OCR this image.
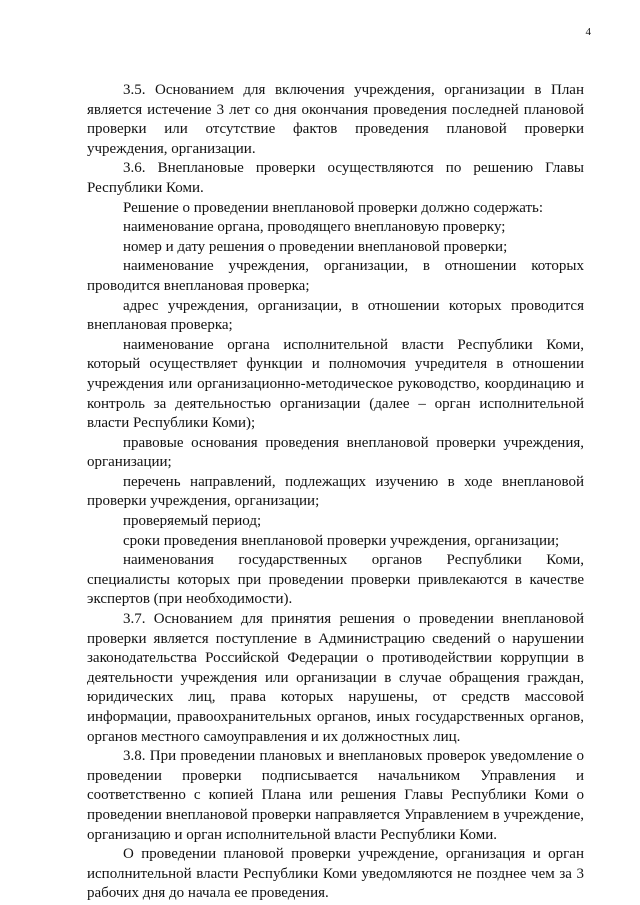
4

3.5. Основанием для включения учреждения, организации в План является истечение 3 лет со дня окончания проведения последней плановой проверки или отсутствие фактов проведения плановой проверки учреждения, организации.

3.6. Внеплановые проверки осуществляются по решению Главы Республики Коми.

Решение о проведении внеплановой проверки должно содержать:

наименование органа, проводящего внеплановую проверку;

номер и дату решения о проведении внеплановой проверки;

наименование учреждения, организации, в отношении которых проводится внеплановая проверка;

адрес учреждения, организации, в отношении которых проводится внеплановая проверка;

наименование органа исполнительной власти Республики Коми, который осуществляет функции и полномочия учредителя в отношении учреждения или организационно-методическое руководство, координацию и контроль за деятельностью организации (далее – орган исполнительной власти Республики Коми);

правовые основания проведения внеплановой проверки учреждения, организации;

перечень направлений, подлежащих изучению в ходе внеплановой проверки учреждения, организации;

проверяемый период;

сроки проведения внеплановой проверки учреждения, организации;

наименования государственных органов Республики Коми, специалисты которых при проведении проверки привлекаются в качестве экспертов (при необходимости).

3.7. Основанием для принятия решения о проведении внеплановой проверки является поступление в Администрацию сведений о нарушении законодательства Российской Федерации о противодействии коррупции в деятельности учреждения или организации в случае обращения граждан, юридических лиц, права которых нарушены, от средств массовой информации, правоохранительных органов, иных государственных органов, органов местного самоуправления и их должностных лиц.

3.8. При проведении плановых и внеплановых проверок уведомление о проведении проверки подписывается начальником Управления и соответственно с копией Плана или решения Главы Республики Коми о проведении внеплановой проверки направляется Управлением в учреждение, организацию и орган исполнительной власти Республики Коми.

О проведении плановой проверки учреждение, организация и орган исполнительной власти Республики Коми уведомляются не позднее чем за 3 рабочих дня до начала ее проведения.
